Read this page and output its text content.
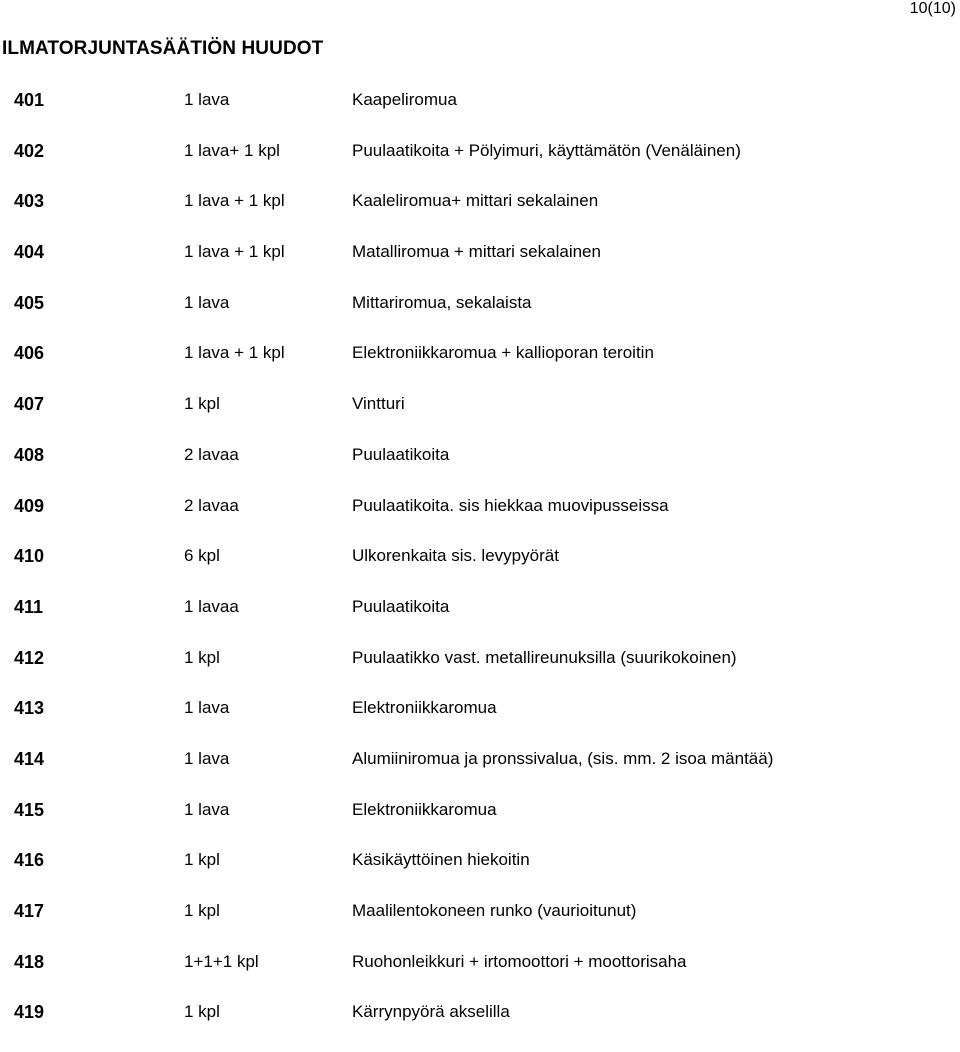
10(10)
ILMATORJUNTASÄÄTIÖN HUUDOT
401	1 lava	Kaapeliromua
402	1 lava+ 1 kpl	Puulaatikoita + Pölyimuri, käyttämätön (Venäläinen)
403	1 lava + 1 kpl	Kaaleliromua+ mittari sekalainen
404	1 lava + 1 kpl	Matalliromua + mittari sekalainen
405	1 lava	Mittariromua, sekalaista
406	1 lava + 1 kpl	Elektroniikkaromua + kallioporan teroitin
407	1 kpl	Vintturi
408	2 lavaa	Puulaatikoita
409	2 lavaa	Puulaatikoita. sis hiekkaa muovipusseissa
410	6 kpl	Ulkorenkaita sis. levypyörät
411	1 lavaa	Puulaatikoita
412	1 kpl	Puulaatikko vast. metallireunuksilla (suurikokoinen)
413	1 lava	Elektroniikkaromua
414	1 lava	Alumiiniromua ja pronssivalua, (sis. mm. 2 isoa mäntää)
415	1 lava	Elektroniikkaromua
416	1 kpl	Käsikäyttöinen hiekoitin
417	1 kpl	Maalilentokoneen runko (vaurioitunut)
418	1+1+1 kpl	Ruohonleikkuri + irtomoottori + moottorisaha
419	1 kpl	Kärrynpyörä akselilla
